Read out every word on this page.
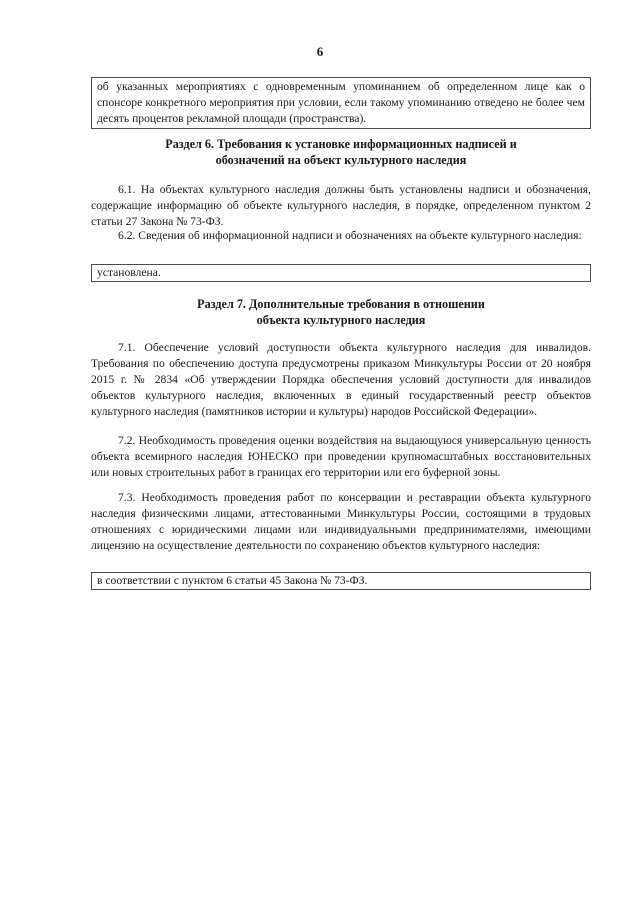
6
об указанных мероприятиях с одновременным упоминанием об определенном лице как о спонсоре конкретного мероприятия при условии, если такому упоминанию отведено не более чем десять процентов рекламной площади (пространства).
Раздел 6. Требования к установке информационных надписей и
обозначений на объект культурного наследия

6.1. На объектах культурного наследия должны быть установлены надписи и обозначения, содержащие информацию об объекте культурного наследия, в порядке, определенном пунктом 2 статьи 27 Закона № 73-ФЗ.

6.2. Сведения об информационной надписи и обозначениях на объекте культурного наследия:

установлена.
Раздел 7. Дополнительные требования в отношении
объекта культурного наследия

7.1. Обеспечение условий доступности объекта культурного наследия для инвалидов. Требования по обеспечению доступа предусмотрены приказом Минкультуры России от 20 ноября 2015 г. № 2834 «Об утверждении Порядка обеспечения условий доступности для инвалидов объектов культурного наследия, включенных в единый государственный реестр объектов культурного наследия (памятников истории и культуры) народов Российской Федерации».

7.2. Необходимость проведения оценки воздействия на выдающуюся универсальную ценность объекта всемирного наследия ЮНЕСКО при проведении крупномасштабных восстановительных или новых строительных работ в границах его территории или его буферной зоны.

7.3. Необходимость проведения работ по консервации и реставрации объекта культурного наследия физическими лицами, аттестованными Минкультуры России, состоящими в трудовых отношениях с юридическими лицами или индивидуальными предпринимателями, имеющими лицензию на осуществление деятельности по сохранению объектов культурного наследия:

в соответствии с пунктом 6 статьи 45 Закона № 73-ФЗ.
